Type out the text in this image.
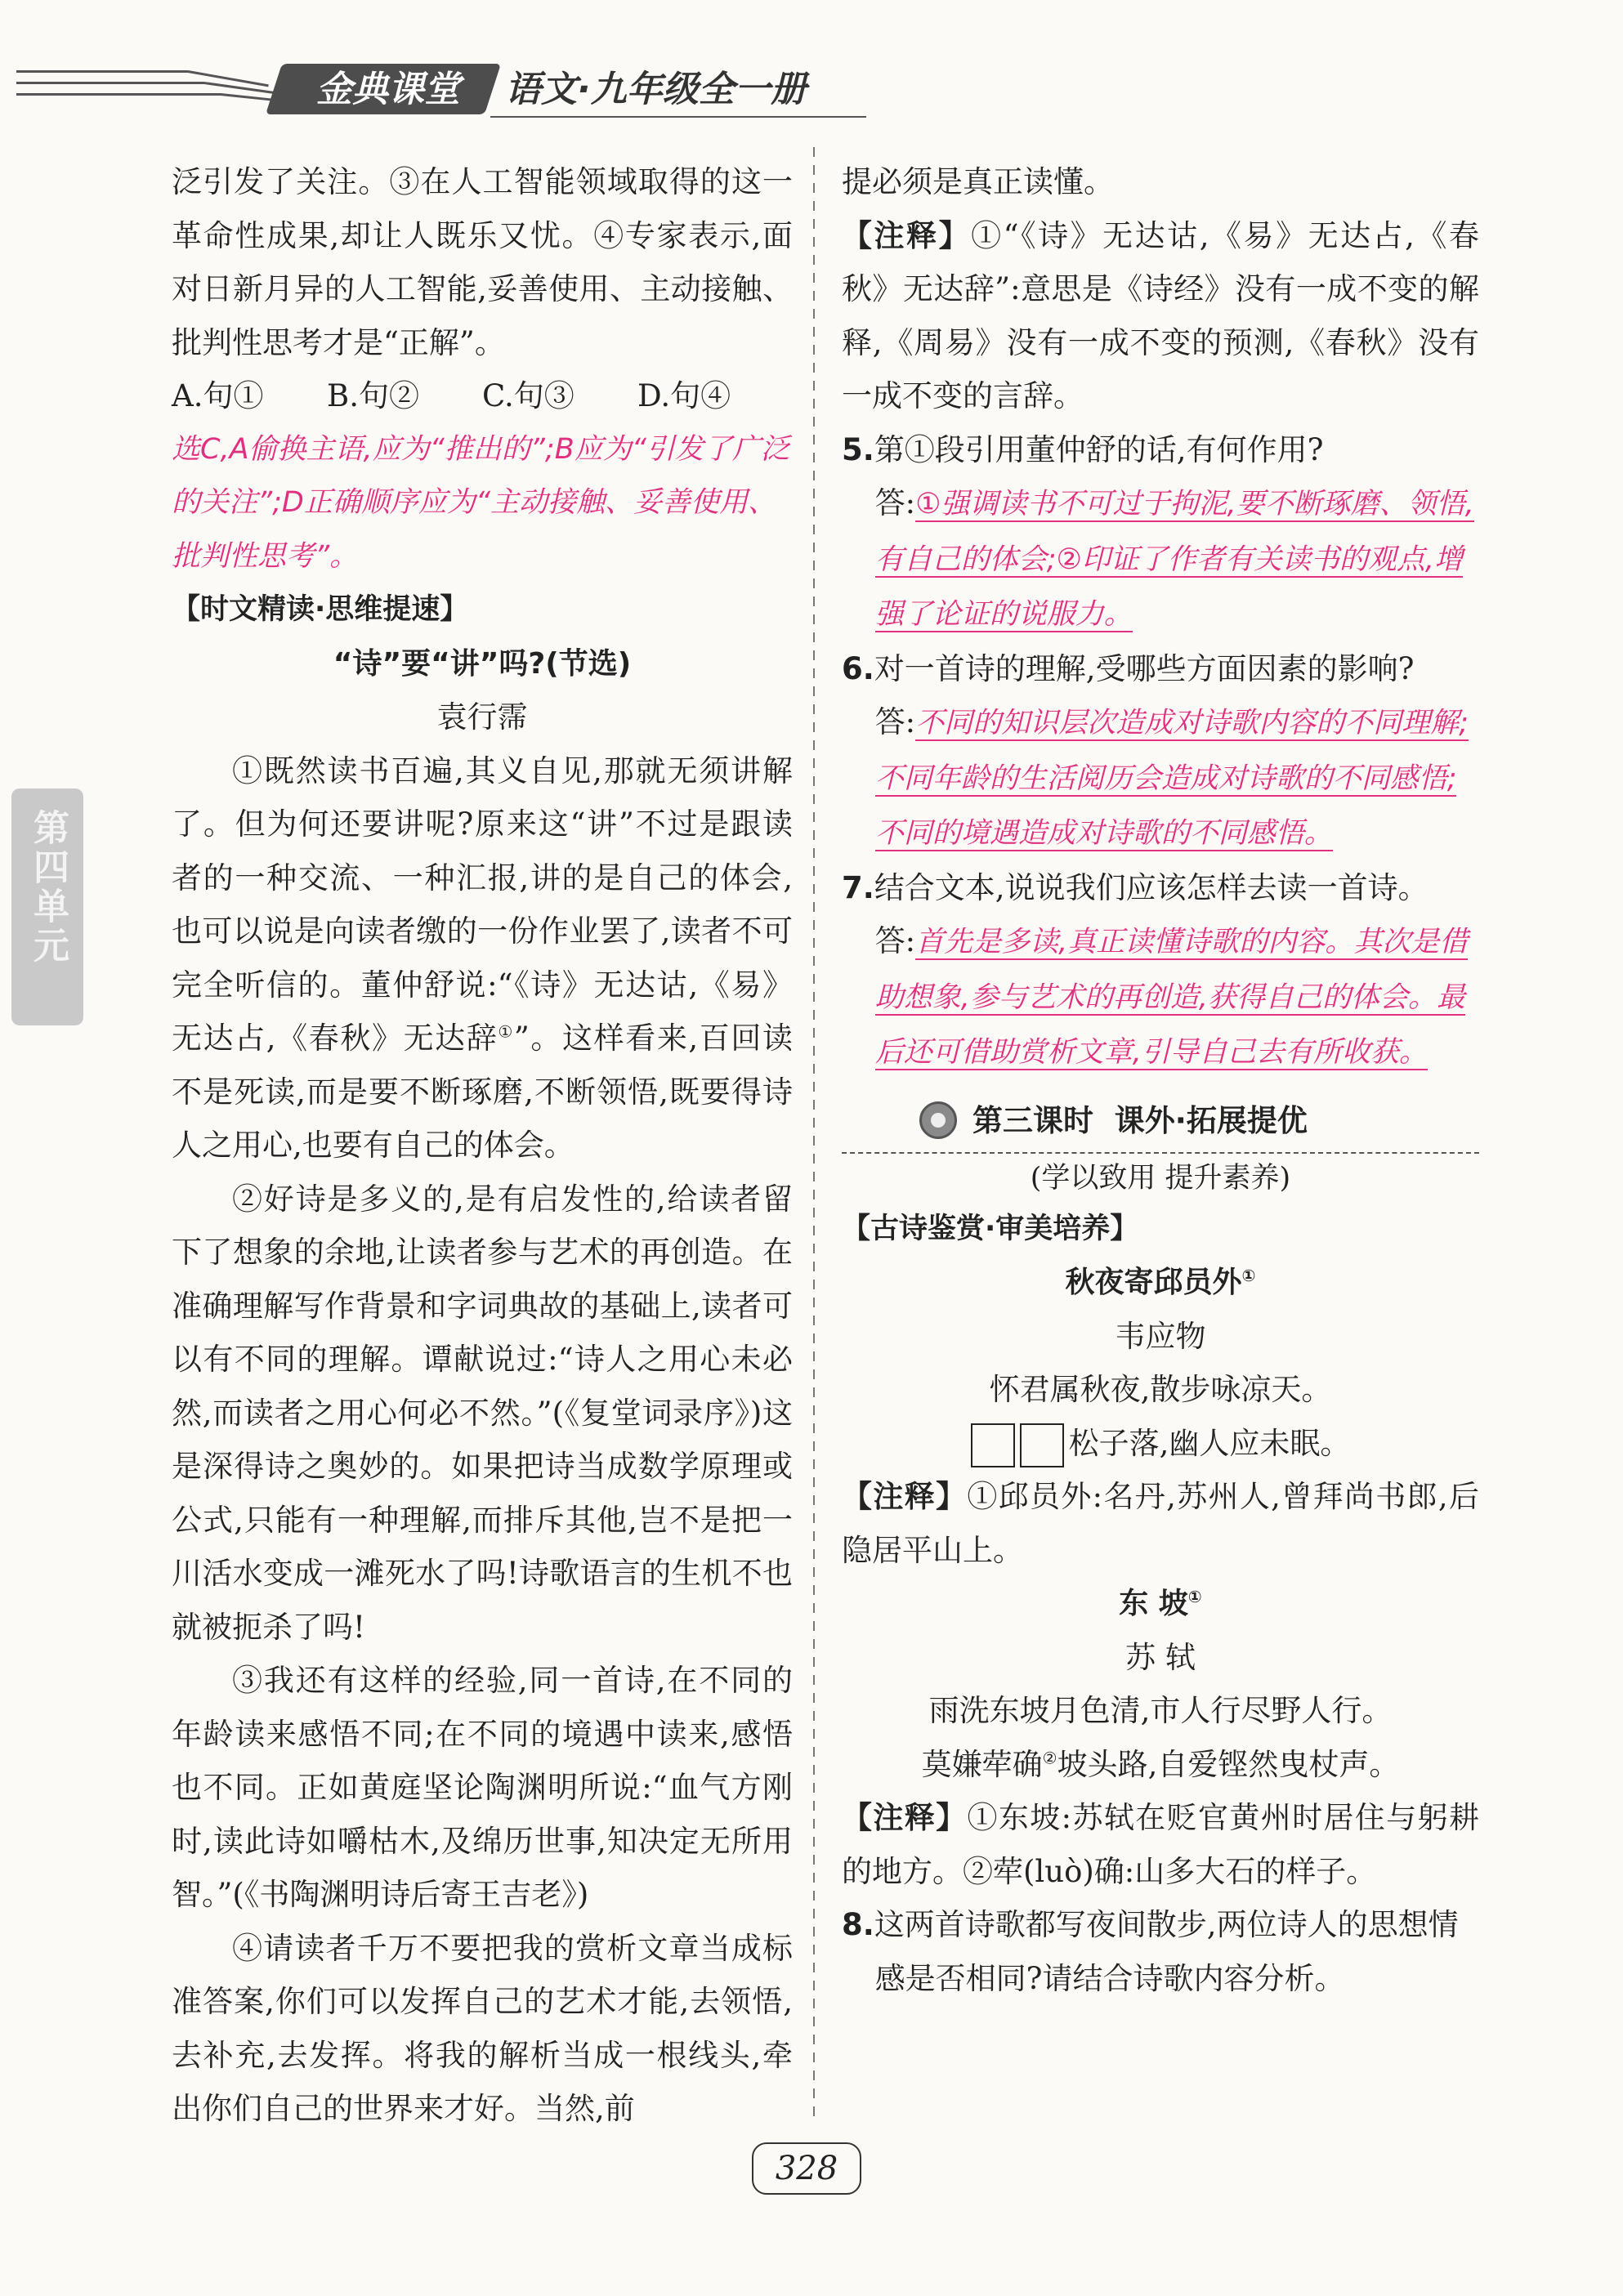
金典课堂	语文·九年级全一册
第四单元

泛引发了关注。③在人工智能领域取得的这一革命性成果,却让人既乐又忧。④专家表示,面对日新月异的人工智能,妥善使用、主动接触、批判性思考才是“正解”。

A.句①	B.句②	C.句③	D.句④

选C,A偷换主语,应为“推出的”;B应为“引发了广泛的关注”;D正确顺序应为“主动接触、妥善使用、批判性思考”。

【时文精读·思维提速】

“诗”要“讲”吗?(节选)

袁行霈

①既然读书百遍,其义自见,那就无须讲解了。但为何还要讲呢?原来这“讲”不过是跟读者的一种交流、一种汇报,讲的是自己的体会,也可以说是向读者缴的一份作业罢了,读者不可完全听信的。董仲舒说:“《诗》无达诂,《易》无达占,《春秋》无达辞①”。这样看来,百回读不是死读,而是要不断琢磨,不断领悟,既要得诗人之用心,也要有自己的体会。

②好诗是多义的,是有启发性的,给读者留下了想象的余地,让读者参与艺术的再创造。在准确理解写作背景和字词典故的基础上,读者可以有不同的理解。谭献说过:“诗人之用心未必然,而读者之用心何必不然。”(《复堂词录序》)这是深得诗之奥妙的。如果把诗当成数学原理或公式,只能有一种理解,而排斥其他,岂不是把一川活水变成一滩死水了吗!诗歌语言的生机不也就被扼杀了吗!

③我还有这样的经验,同一首诗,在不同的年龄读来感悟不同;在不同的境遇中读来,感悟也不同。正如黄庭坚论陶渊明所说:“血气方刚时,读此诗如嚼枯木,及绵历世事,知决定无所用智。”(《书陶渊明诗后寄王吉老》)

④请读者千万不要把我的赏析文章当成标准答案,你们可以发挥自己的艺术才能,去领悟,去补充,去发挥。将我的解析当成一根线头,牵出你们自己的世界来才好。当然,前

提必须是真正读懂。

【注释】①“《诗》无达诂,《易》无达占,《春秋》无达辞”:意思是《诗经》没有一成不变的解释,《周易》没有一成不变的预测,《春秋》没有一成不变的言辞。

5.第①段引用董仲舒的话,有何作用?

答:①强调读书不可过于拘泥,要不断琢磨、领悟,有自己的体会;②印证了作者有关读书的观点,增强了论证的说服力。

6.对一首诗的理解,受哪些方面因素的影响?

答:不同的知识层次造成对诗歌内容的不同理解;不同年龄的生活阅历会造成对诗歌的不同感悟;不同的境遇造成对诗歌的不同感悟。

7.结合文本,说说我们应该怎样去读一首诗。

答:首先是多读,真正读懂诗歌的内容。其次是借助想象,参与艺术的再创造,获得自己的体会。最后还可借助赏析文章,引导自己去有所收获。

第三课时  课外·拓展提优

(学以致用 提升素养)

【古诗鉴赏·审美培养】

秋夜寄邱员外①

韦应物

怀君属秋夜,散步咏凉天。

松子落,幽人应未眠。

【注释】①邱员外:名丹,苏州人,曾拜尚书郎,后隐居平山上。

东 坡①

苏 轼

雨洗东坡月色清,市人行尽野人行。

莫嫌荦确②坡头路,自爱铿然曳杖声。

【注释】①东坡:苏轼在贬官黄州时居住与躬耕的地方。②荦(luò)确:山多大石的样子。

8.这两首诗歌都写夜间散步,两位诗人的思想情感是否相同?请结合诗歌内容分析。

328
